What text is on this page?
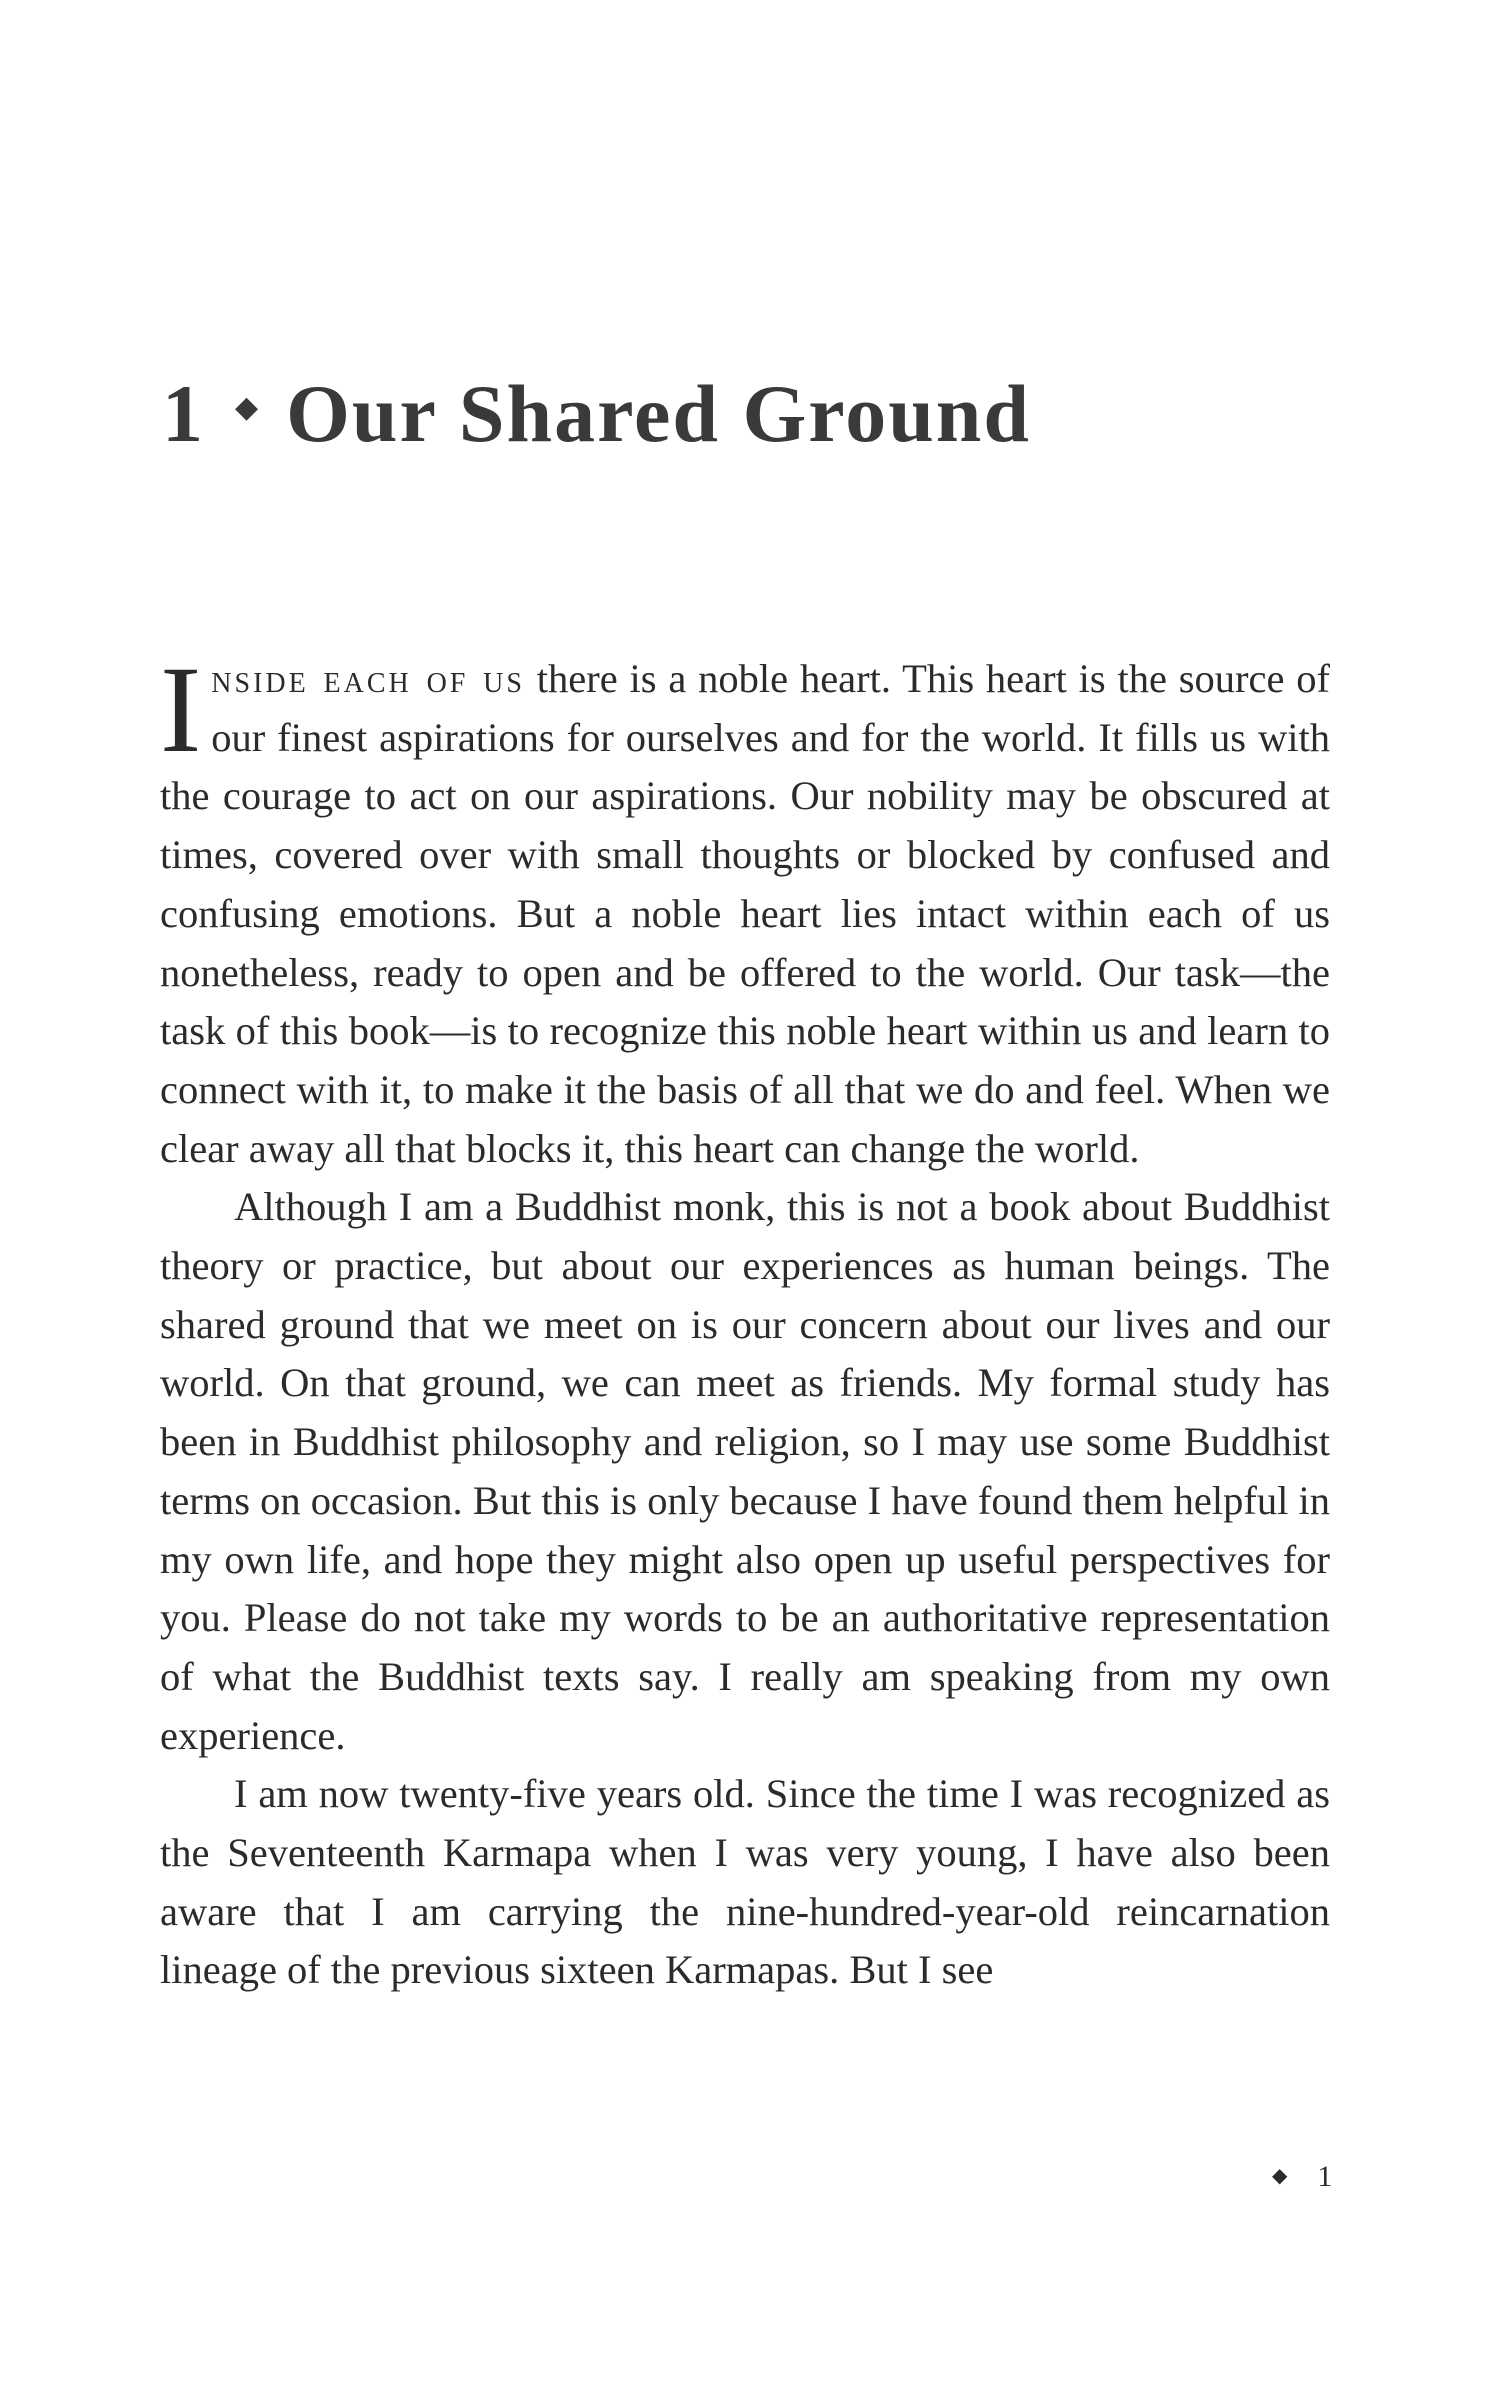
1 ◆ Our Shared Ground

Inside each of us there is a noble heart. This heart is the source of our finest aspirations for ourselves and for the world. It fills us with the courage to act on our aspirations. Our nobility may be obscured at times, covered over with small thoughts or blocked by confused and confusing emotions. But a noble heart lies intact within each of us nonetheless, ready to open and be offered to the world. Our task—the task of this book—is to recognize this noble heart within us and learn to connect with it, to make it the basis of all that we do and feel. When we clear away all that blocks it, this heart can change the world.

Although I am a Buddhist monk, this is not a book about Buddhist theory or practice, but about our experiences as human beings. The shared ground that we meet on is our concern about our lives and our world. On that ground, we can meet as friends. My formal study has been in Buddhist philosophy and religion, so I may use some Buddhist terms on occasion. But this is only because I have found them helpful in my own life, and hope they might also open up useful perspectives for you. Please do not take my words to be an authoritative representation of what the Buddhist texts say. I really am speaking from my own experience.

I am now twenty-five years old. Since the time I was recognized as the Seventeenth Karmapa when I was very young, I have also been aware that I am carrying the nine-hundred-year-old reincarnation lineage of the previous sixteen Karmapas. But I see

◆ 1
